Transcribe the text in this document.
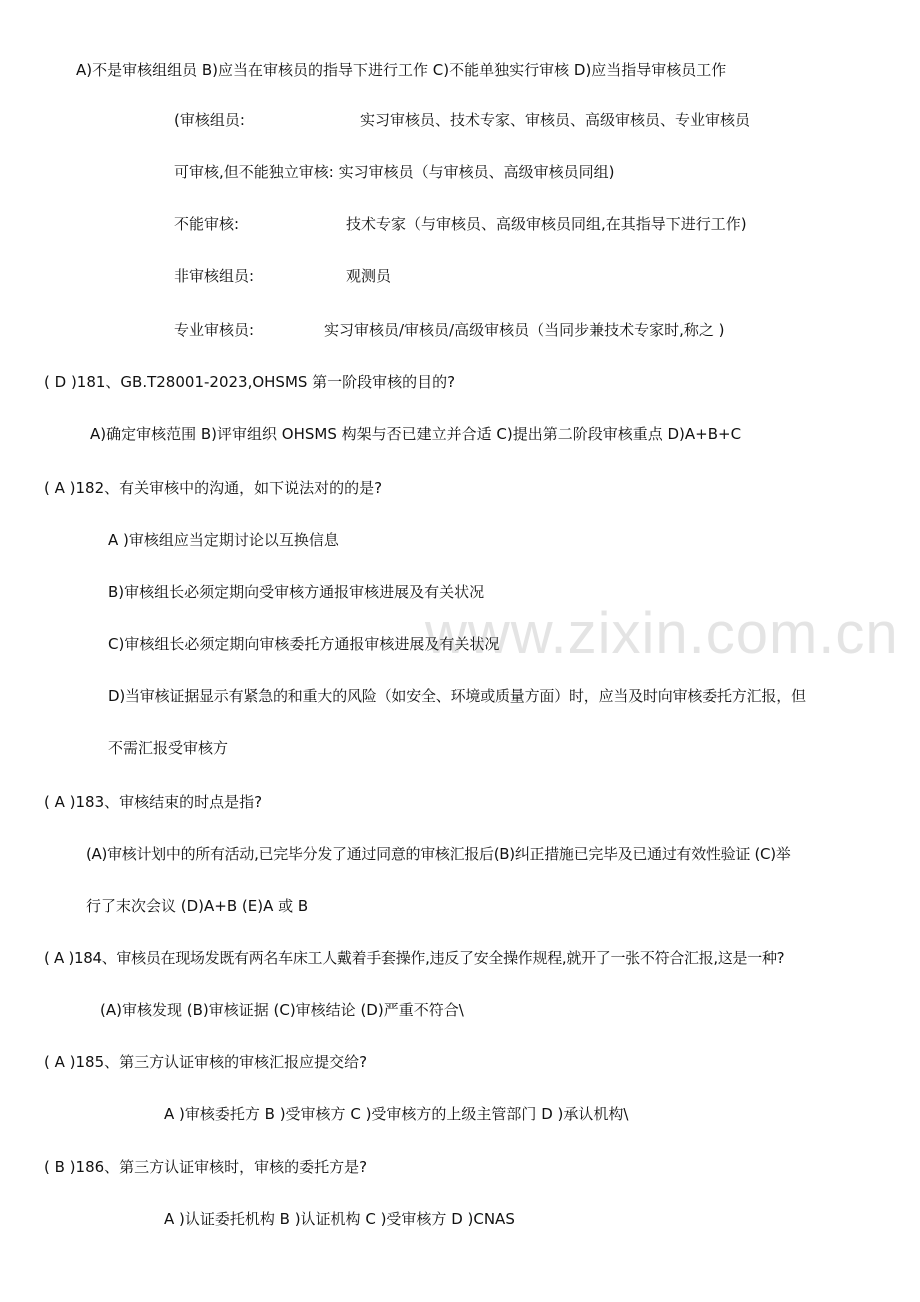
www.zixin.com.cn
A)不是审核组组员 B)应当在审核员的指导下进行工作 C)不能单独实行审核 D)应当指导审核员工作
(审核组员:	实习审核员、技术专家、审核员、高级审核员、专业审核员
可审核,但不能独立审核: 实习审核员（与审核员、高级审核员同组)
不能审核:	技术专家（与审核员、高级审核员同组,在其指导下进行工作)
非审核组员:	观测员
专业审核员:	实习审核员/审核员/高级审核员（当同步兼技术专家时,称之 )
( D )181、GB.T28001-2023,OHSMS 第一阶段审核的目的?
A)确定审核范围 B)评审组织 OHSMS 构架与否已建立并合适 C)提出第二阶段审核重点 D)A+B+C
( A )182、有关审核中的沟通，如下说法对的的是?
A )审核组应当定期讨论以互换信息
B)审核组长必须定期向受审核方通报审核进展及有关状况
C)审核组长必须定期向审核委托方通报审核进展及有关状况
D)当审核证据显示有紧急的和重大的风险（如安全、环境或质量方面）时，应当及时向审核委托方汇报，但
不需汇报受审核方
( A )183、审核结束的时点是指?
(A)审核计划中的所有活动,已完毕分发了通过同意的审核汇报后(B)纠正措施已完毕及已通过有效性验证 (C)举
行了末次会议 (D)A+B (E)A 或 B
( A )184、审核员在现场发既有两名车床工人戴着手套操作,违反了安全操作规程,就开了一张不符合汇报,这是一种?
(A)审核发现 (B)审核证据 (C)审核结论 (D)严重不符合\
( A )185、第三方认证审核的审核汇报应提交给?
A )审核委托方 B )受审核方 C )受审核方的上级主管部门 D )承认机构\
( B )186、第三方认证审核时，审核的委托方是?
A )认证委托机构 B )认证机构 C )受审核方 D )CNAS
